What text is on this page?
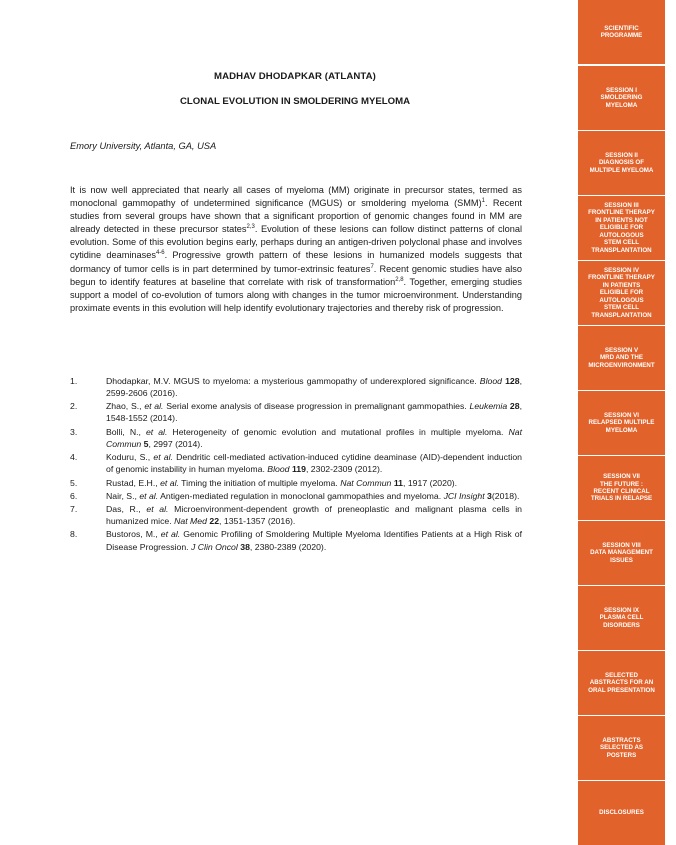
MADHAV DHODAPKAR (ATLANTA)
CLONAL EVOLUTION IN SMOLDERING MYELOMA
Emory University, Atlanta, GA, USA
It is now well appreciated that nearly all cases of myeloma (MM) originate in precursor states, termed as monoclonal gammopathy of undetermined significance (MGUS) or smoldering myeloma (SMM)$^1$. Recent studies from several groups have shown that a significant proportion of genomic changes found in MM are already detected in these precursor states$^{2,3}$. Evolution of these lesions can follow distinct patterns of clonal evolution. Some of this evolution begins early, perhaps during an antigen-driven polyclonal phase and involves cytidine deaminases$^{4-6}$. Progressive growth pattern of these lesions in humanized models suggests that dormancy of tumor cells is in part determined by tumor-extrinsic features$^7$. Recent genomic studies have also begun to identify features at baseline that correlate with risk of transformation$^{2,8}$. Together, emerging studies support a model of co-evolution of tumors along with changes in the tumor microenvironment. Understanding proximate events in this evolution will help identify evolutionary trajectories and thereby risk of progression.
1.	Dhodapkar, M.V. MGUS to myeloma: a mysterious gammopathy of underexplored significance. Blood 128, 2599-2606 (2016).
2.	Zhao, S., et al. Serial exome analysis of disease progression in premalignant gammopathies. Leukemia 28, 1548-1552 (2014).
3.	Bolli, N., et al. Heterogeneity of genomic evolution and mutational profiles in multiple myeloma. Nat Commun 5, 2997 (2014).
4.	Koduru, S., et al. Dendritic cell-mediated activation-induced cytidine deaminase (AID)-dependent induction of genomic instability in human myeloma. Blood 119, 2302-2309 (2012).
5.	Rustad, E.H., et al. Timing the initiation of multiple myeloma. Nat Commun 11, 1917 (2020).
6.	Nair, S., et al. Antigen-mediated regulation in monoclonal gammopathies and myeloma. JCI Insight 3(2018).
7.	Das, R., et al. Microenvironment-dependent growth of preneoplastic and malignant plasma cells in humanized mice. Nat Med 22, 1351-1357 (2016).
8.	Bustoros, M., et al. Genomic Profiling of Smoldering Multiple Myeloma Identifies Patients at a High Risk of Disease Progression. J Clin Oncol 38, 2380-2389 (2020).
SCIENTIFIC
PROGRAMME
SESSION I
SMOLDERING
MYELOMA
SESSION II
DIAGNOSIS OF
MULTIPLE MYELOMA
SESSION III
FRONTLINE THERAPY
IN PATIENTS NOT
ELIGIBLE FOR
AUTOLOGOUS
STEM CELL
TRANSPLANTATION
SESSION IV
FRONTLINE THERAPY
IN PATIENTS
ELIGIBLE FOR
AUTOLOGOUS
STEM CELL
TRANSPLANTATION
SESSION V
MRD AND THE
MICROENVIRONMENT
SESSION VI
RELAPSED MULTIPLE
MYELOMA
SESSION VII
THE FUTURE :
RECENT CLINICAL
TRIALS IN RELAPSE
SESSION VIII
DATA MANAGEMENT
ISSUES
SESSION IX
PLASMA CELL
DISORDERS
SELECTED
ABSTRACTS FOR AN
ORAL PRESENTATION
ABSTRACTS
SELECTED AS
POSTERS
DISCLOSURES
